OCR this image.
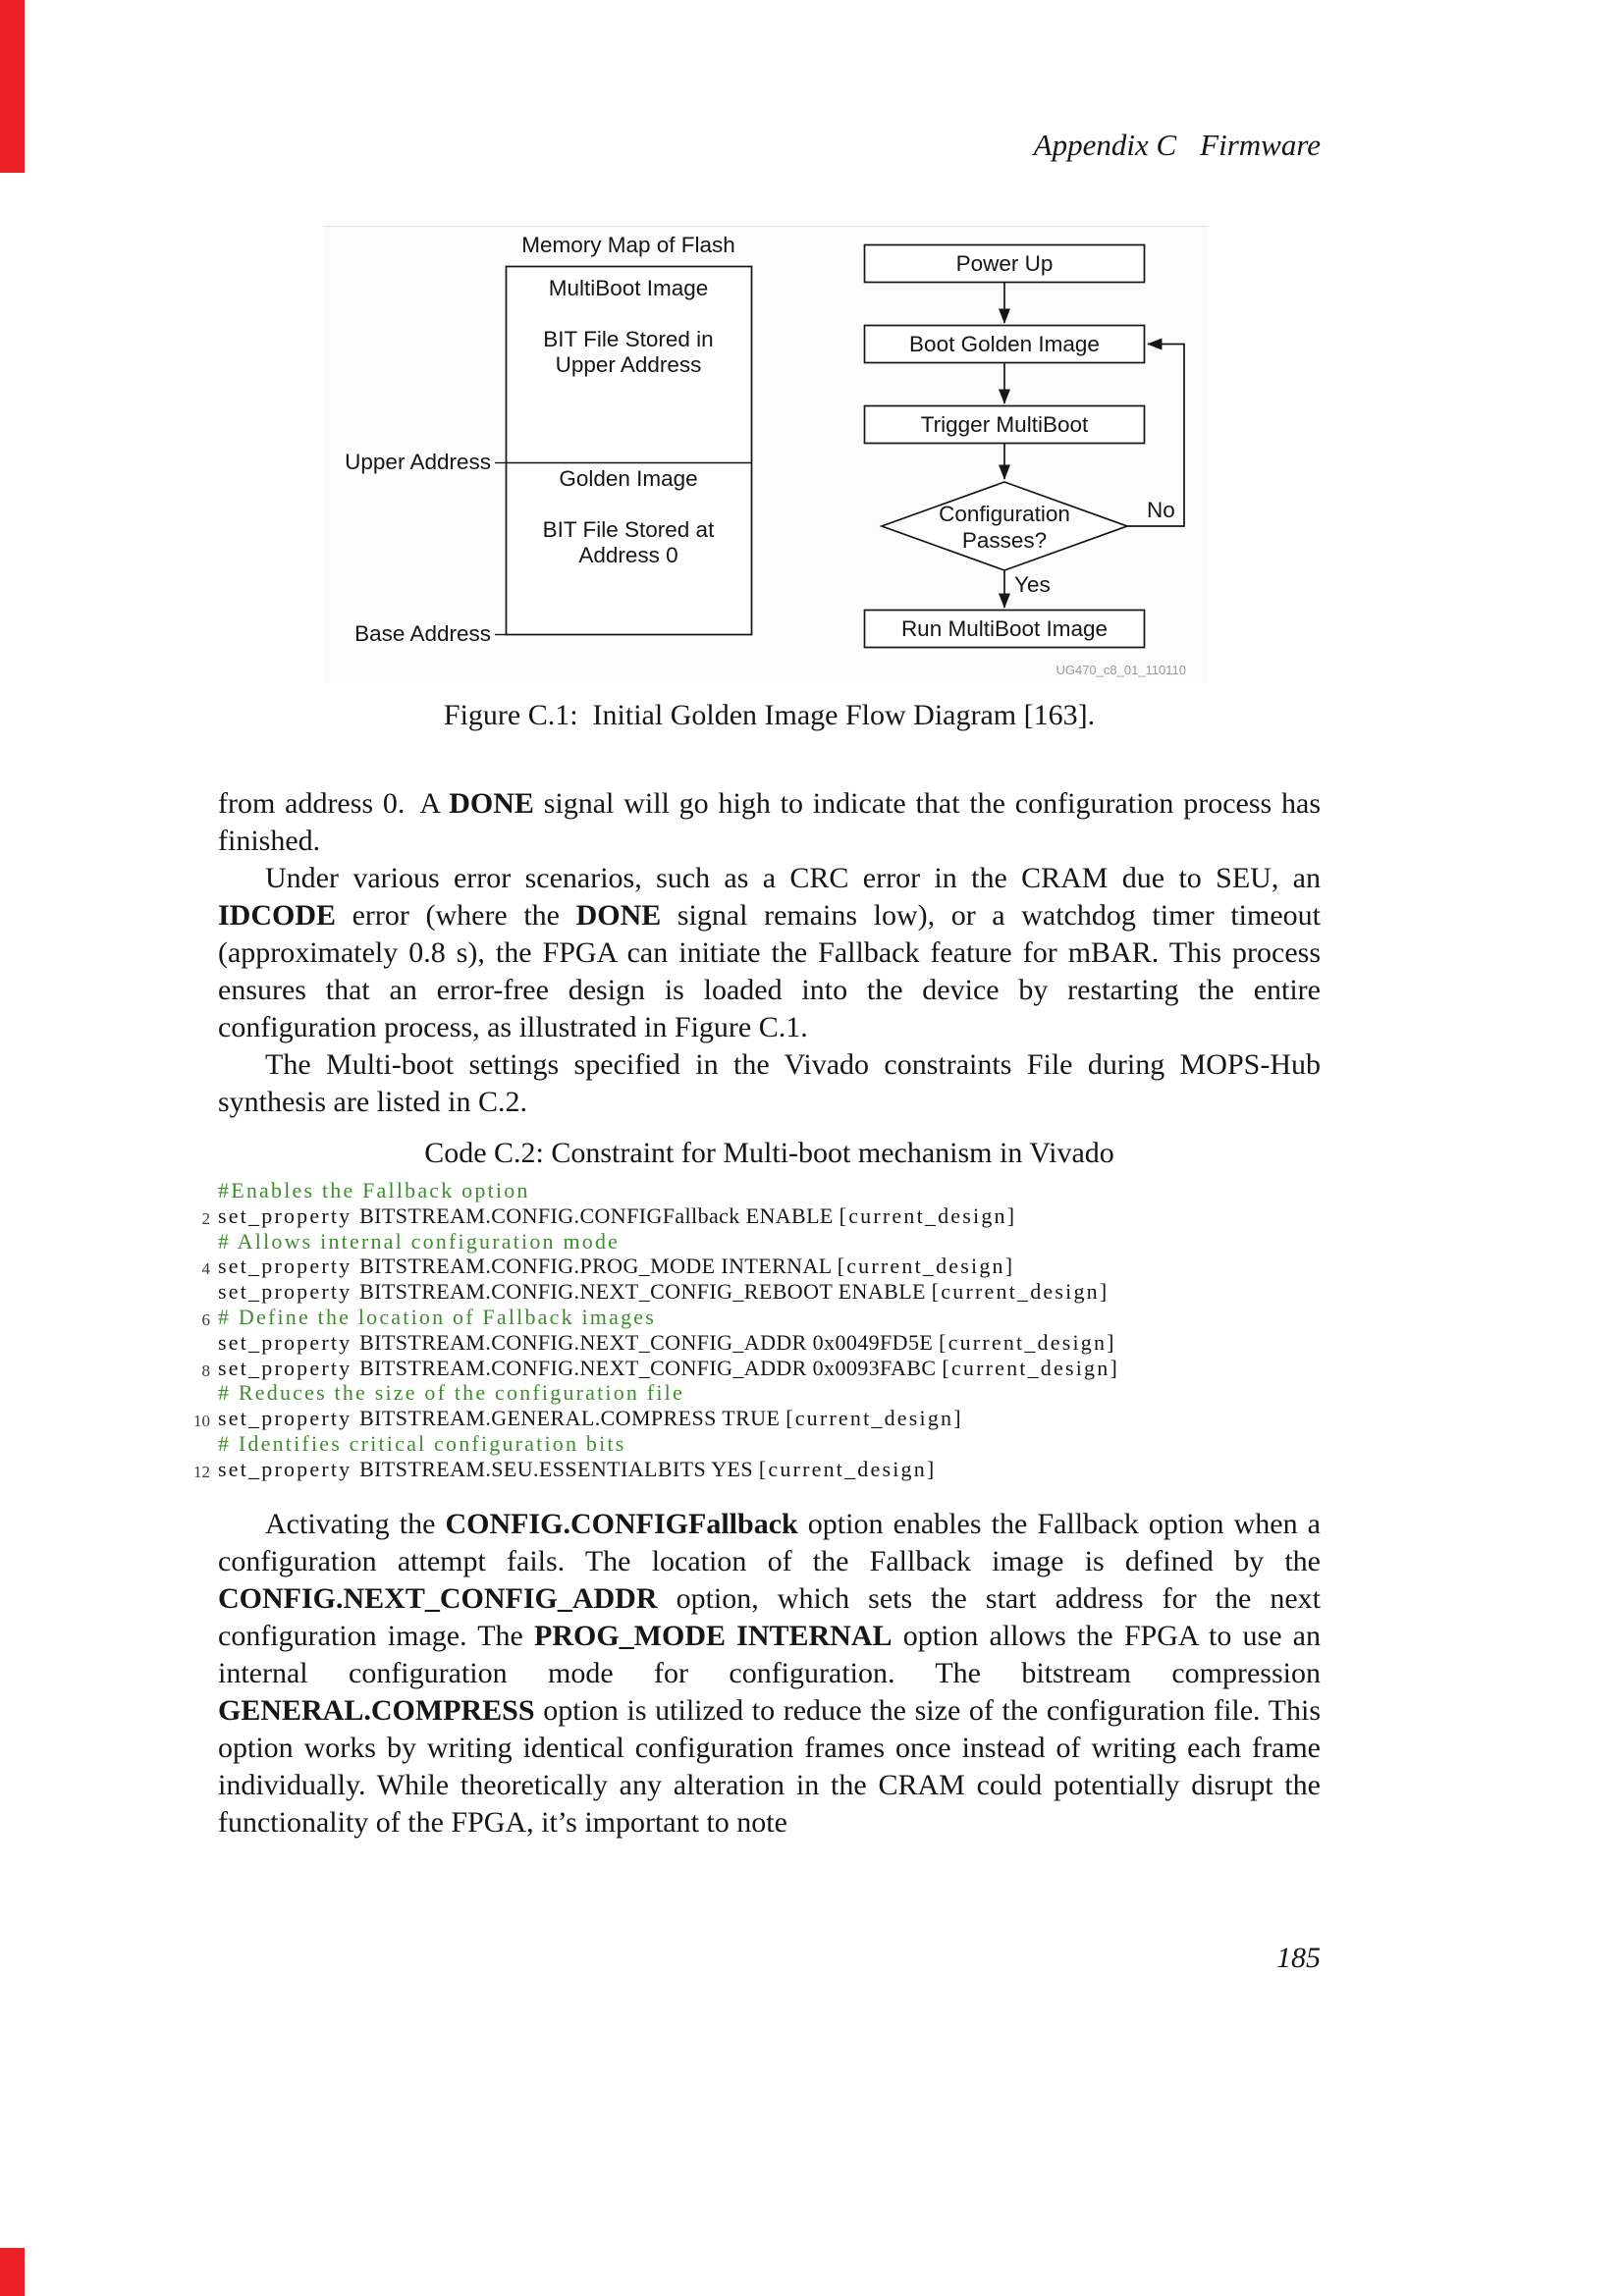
Appendix C Firmware
Memory Map of Flash
MultiBoot Image
BIT File Stored in
Upper Address
Golden Image
BIT File Stored at
Address 0
Upper Address
Base Address
Power Up
Boot Golden Image
Trigger MultiBoot
Configuration
Passes?
No
Yes
Run MultiBoot Image
UG470_c8_01_110110
Figure C.1: Initial Golden Image Flow Diagram [163].

from address 0. A DONE signal will go high to indicate that the configuration process has finished.

Under various error scenarios, such as a CRC error in the CRAM due to SEU, an IDCODE error (where the DONE signal remains low), or a watchdog timer timeout (approximately 0.8 s), the FPGA can initiate the Fallback feature for mBAR. This process ensures that an error-free design is loaded into the device by restarting the entire configuration process, as illustrated in Figure C.1.

The Multi-boot settings specified in the Vivado constraints File during MOPS-Hub synthesis are listed in C.2.

Code C.2: Constraint for Multi-boot mechanism in Vivado
#Enables the Fallback option
2 set_property BITSTREAM.CONFIG.CONFIGFallback ENABLE [current_design]
# Allows internal configuration mode
4 set_property BITSTREAM.CONFIG.PROG_MODE INTERNAL [current_design]
set_property BITSTREAM.CONFIG.NEXT_CONFIG_REBOOT ENABLE [current_design]
6 # Define the location of Fallback images
set_property BITSTREAM.CONFIG.NEXT_CONFIG_ADDR 0x0049FD5E [current_design]
8 set_property BITSTREAM.CONFIG.NEXT_CONFIG_ADDR 0x0093FABC [current_design]
# Reduces the size of the configuration file
10 set_property BITSTREAM.GENERAL.COMPRESS TRUE [current_design]
# Identifies critical configuration bits
12 set_property BITSTREAM.SEU.ESSENTIALBITS YES [current_design]

Activating the CONFIG.CONFIGFallback option enables the Fallback option when a configuration attempt fails. The location of the Fallback image is defined by the CONFIG.NEXT_CONFIG_ADDR option, which sets the start address for the next configuration image. The PROG_MODE INTERNAL option allows the FPGA to use an internal configuration mode for configuration. The bitstream compression GENERAL.COMPRESS option is utilized to reduce the size of the configuration file. This option works by writing identical configuration frames once instead of writing each frame individually. While theoretically any alteration in the CRAM could potentially disrupt the functionality of the FPGA, it’s important to note

185
